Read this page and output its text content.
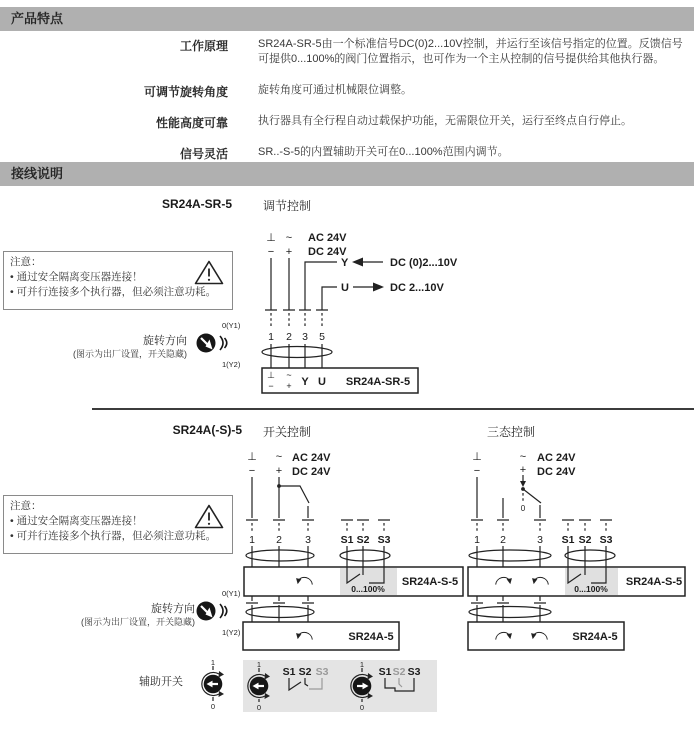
产品特点
工作原理	SR24A-SR-5由一个标准信号DC(0)2...10V控制，并运行至该信号指定的位置。反馈信号可提供0...100%的阀门位置指示，也可作为一个主从控制的信号提供给其他执行器。
可调节旋转角度	旋转角度可通过机械限位调整。
性能高度可靠	执行器具有全行程自动过载保护功能，无需限位开关，运行至终点自行停止。
信号灵活	SR..-S-5的内置辅助开关可在0...100%范围内调节。
接线说明
SR24A-SR-5	调节控制
注意：
• 通过安全隔离变压器连接！
• 可并行连接多个执行器，但必须注意功耗。
⊥ ~
− +
AC 24V
DC 24V
Y	DC (0)2...10V
U	DC 2...10V
1 2 3 5
⊥
−
~
+ Y U SR24A-SR-5
旋转方向
(图示为出厂设置，开关隐藏)
0(Y1)
1(Y2)
SR24A(-S)-5 开关控制	三态控制
注意：
• 通过安全隔离变压器连接！
• 可并行连接多个执行器，但必须注意功耗。
⊥
−
~
+
AC 24V
DC 24V
1 2 3	S1 S2 S3
0...100%
SR24A-S-5
SR24A-5
⊥
−
~
+
AC 24V
DC 24V
0
1 2	3 S1 S2 S3
0...100%
SR24A-S-5
SR24A-5
旋转方向
(图示为出厂设置，开关隐藏)
0(Y1)
1(Y2)
辅助开关
1
0
1
0
S1 S2 S3
1
0
S1 S2 S3
